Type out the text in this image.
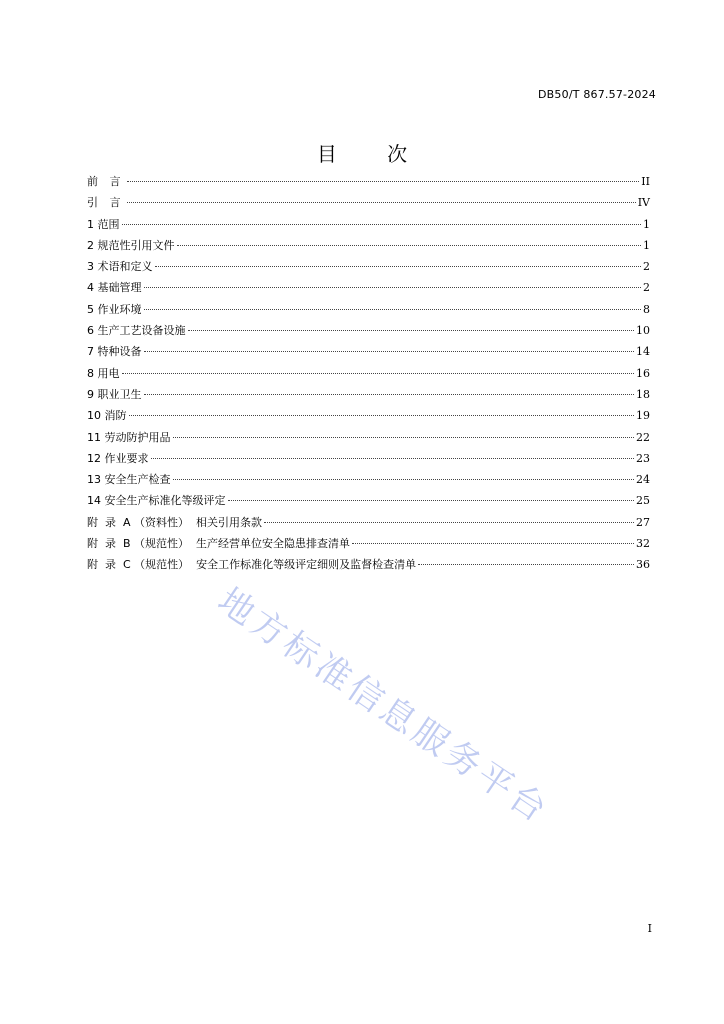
DB50/T 867.57-2024
目 次
前 言	II
引 言	IV
1 范围	1
2 规范性引用文件	1
3 术语和定义	2
4 基础管理	2
5 作业环境	8
6 生产工艺设备设施	10
7 特种设备	14
8 用电	16
9 职业卫生	18
10 消防	19
11 劳动防护用品	22
12 作业要求	23
13 安全生产检查	24
14 安全生产标准化等级评定	25
附  录  A （资料性）  相关引用条款	27
附  录  B （规范性）  生产经营单位安全隐患排查清单	32
附  录  C （规范性）  安全工作标准化等级评定细则及监督检查清单	36
地方标准信息服务平台
I
